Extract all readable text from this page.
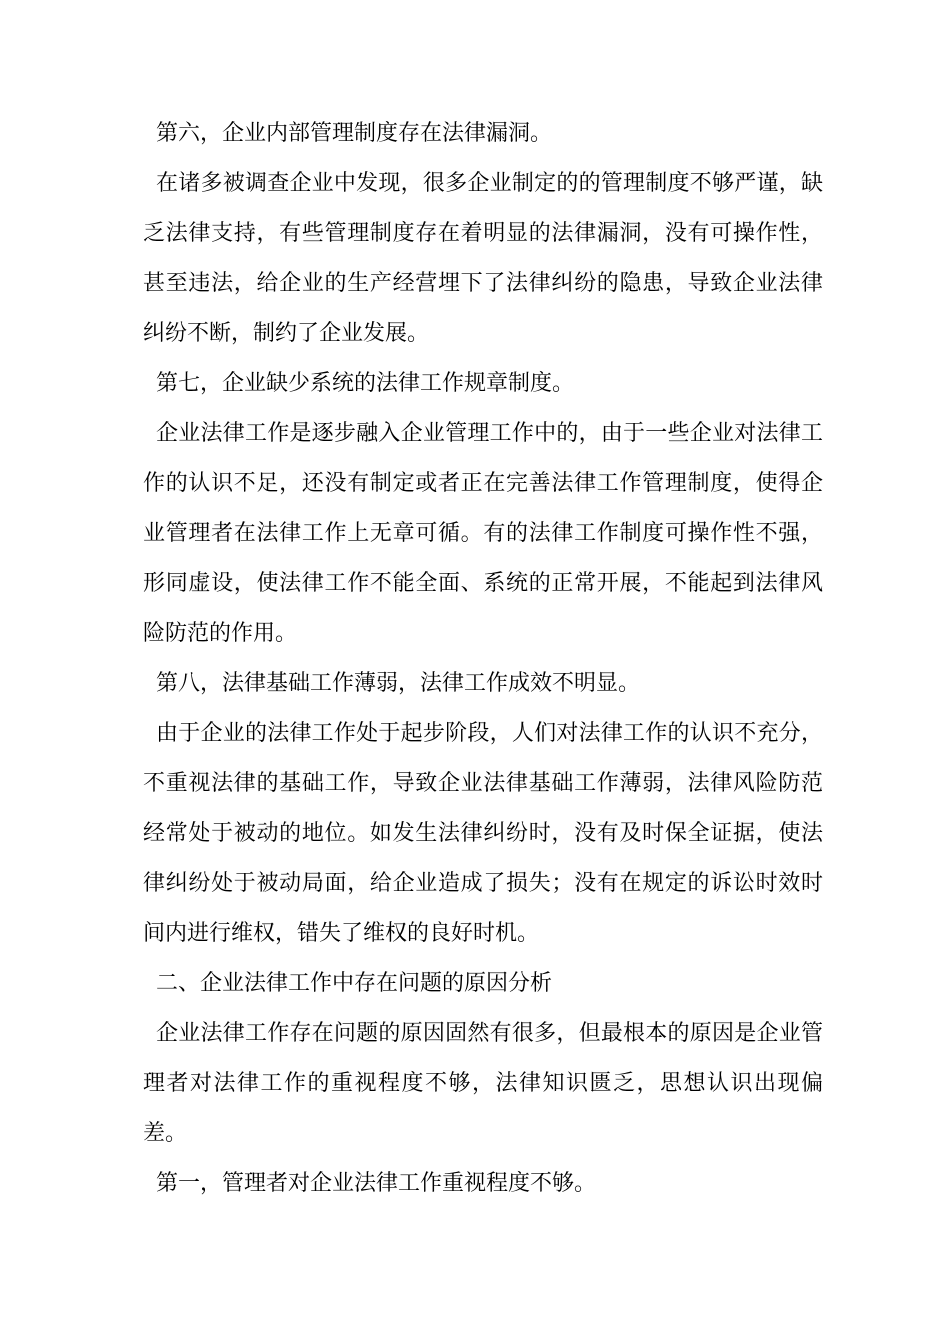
第六，企业内部管理制度存在法律漏洞。

在诸多被调查企业中发现，很多企业制定的的管理制度不够严谨，缺乏法律支持，有些管理制度存在着明显的法律漏洞，没有可操作性，甚至违法，给企业的生产经营埋下了法律纠纷的隐患，导致企业法律纠纷不断，制约了企业发展。

第七，企业缺少系统的法律工作规章制度。

企业法律工作是逐步融入企业管理工作中的，由于一些企业对法律工作的认识不足，还没有制定或者正在完善法律工作管理制度，使得企业管理者在法律工作上无章可循。有的法律工作制度可操作性不强，形同虚设，使法律工作不能全面、系统的正常开展，不能起到法律风险防范的作用。

第八，法律基础工作薄弱，法律工作成效不明显。

由于企业的法律工作处于起步阶段，人们对法律工作的认识不充分，不重视法律的基础工作，导致企业法律基础工作薄弱，法律风险防范经常处于被动的地位。如发生法律纠纷时，没有及时保全证据，使法律纠纷处于被动局面，给企业造成了损失；没有在规定的诉讼时效时间内进行维权，错失了维权的良好时机。

二、企业法律工作中存在问题的原因分析

企业法律工作存在问题的原因固然有很多，但最根本的原因是企业管理者对法律工作的重视程度不够，法律知识匮乏，思想认识出现偏差。

第一，管理者对企业法律工作重视程度不够。
